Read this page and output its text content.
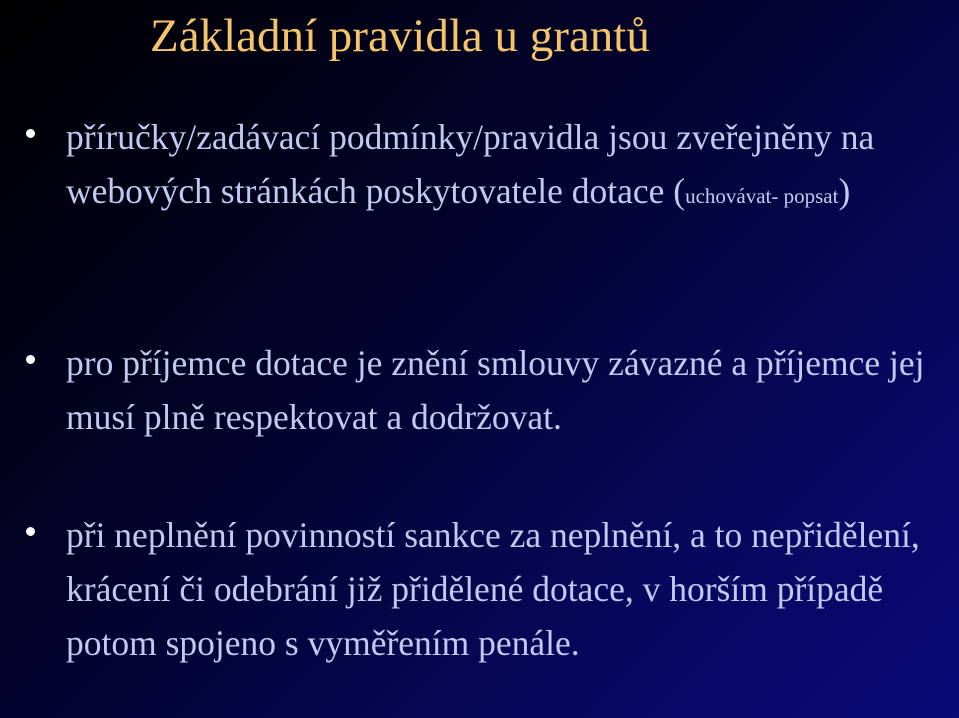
Základní pravidla u grantů
příručky/zadávací podmínky/pravidla jsou zveřejněny na webových stránkách poskytovatele dotace (uchovávat- popsat)
pro příjemce dotace je znění smlouvy závazné a příjemce jej musí plně respektovat a dodržovat.
při neplnění povinností sankce za neplnění, a to nepřidělení, krácení či odebrání již přidělené dotace, v horším případě potom spojeno s vyměřením penále.
